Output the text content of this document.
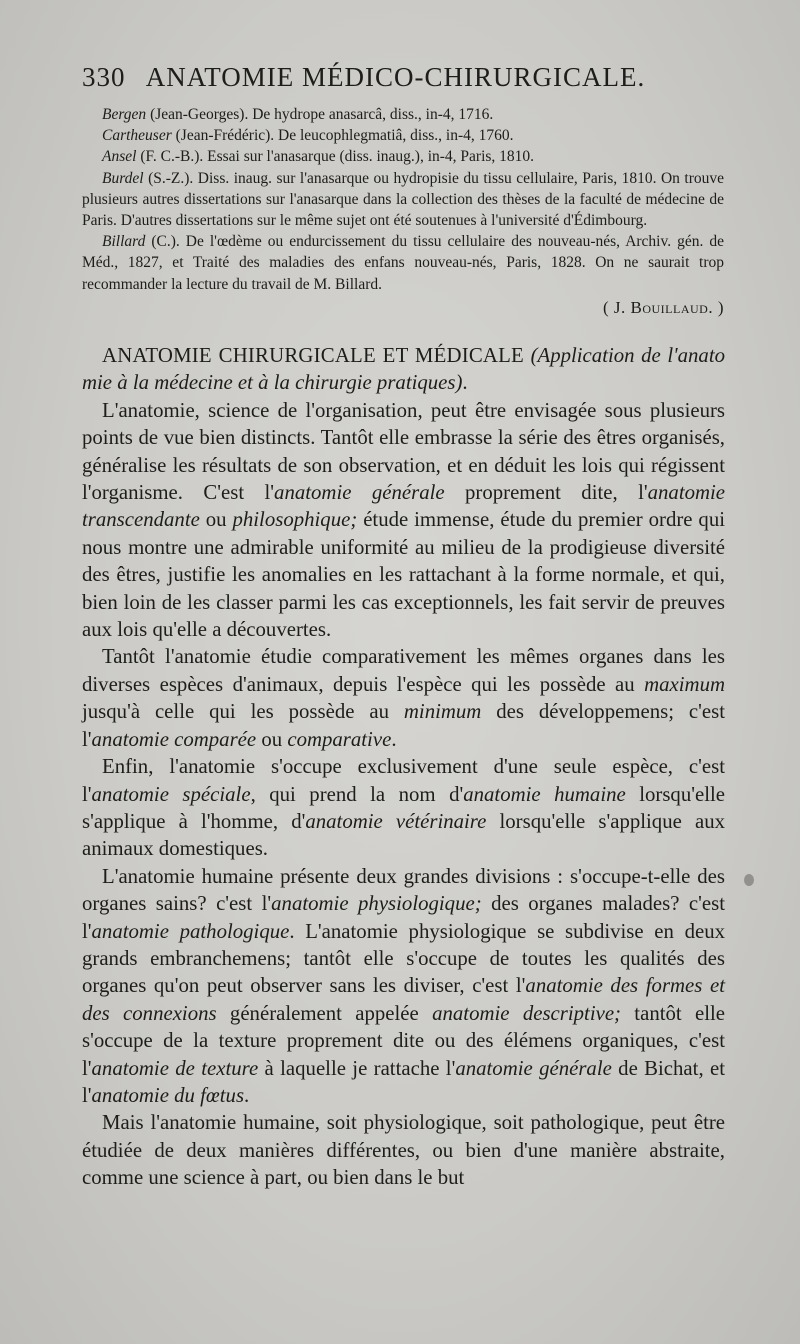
330 ANATOMIE MÉDICO-CHIRURGICALE.

Bergen (Jean-Georges). De hydrope anasarcâ, diss., in-4, 1716.

Cartheuser (Jean-Frédéric). De leucophlegmatiâ, diss., in-4, 1760.

Ansel (F. C.-B.). Essai sur l'anasarque (diss. inaug.), in-4, Paris, 1810.

Burdel (S.-Z.). Diss. inaug. sur l'anasarque ou hydropisie du tissu cellulaire, Paris, 1810. On trouve plusieurs autres dissertations sur l'anasarque dans la collection des thèses de la faculté de médecine de Paris. D'autres dissertations sur le même sujet ont été soutenues à l'université d'Édimbourg.

Billard (C.). De l'œdème ou endurcissement du tissu cellulaire des nouveau-nés, Archiv. gén. de Méd., 1827, et Traité des maladies des enfans nouveau-nés, Paris, 1828. On ne saurait trop recommander la lecture du travail de M. Billard.

( J. Bouillaud. )

ANATOMIE CHIRURGICALE ET MÉDICALE (Application de l'anato mie à la médecine et à la chirurgie pratiques).

L'anatomie, science de l'organisation, peut être envisagée sous plusieurs points de vue bien distincts. Tantôt elle embrasse la série des êtres organisés, généralise les résultats de son observation, et en déduit les lois qui régissent l'organisme. C'est l'anatomie générale proprement dite, l'anatomie transcendante ou philosophique; étude immense, étude du premier ordre qui nous montre une admirable uniformité au milieu de la prodigieuse diversité des êtres, justifie les anomalies en les rattachant à la forme normale, et qui, bien loin de les classer parmi les cas exceptionnels, les fait servir de preuves aux lois qu'elle a découvertes.

Tantôt l'anatomie étudie comparativement les mêmes organes dans les diverses espèces d'animaux, depuis l'espèce qui les possède au maximum jusqu'à celle qui les possède au minimum des développemens; c'est l'anatomie comparée ou comparative.

Enfin, l'anatomie s'occupe exclusivement d'une seule espèce, c'est l'anatomie spéciale, qui prend la nom d'anatomie humaine lorsqu'elle s'applique à l'homme, d'anatomie vétérinaire lorsqu'elle s'applique aux animaux domestiques.

L'anatomie humaine présente deux grandes divisions : s'occupe-t-elle des organes sains? c'est l'anatomie physiologique; des organes malades? c'est l'anatomie pathologique. L'anatomie physiologique se subdivise en deux grands embranchemens; tantôt elle s'occupe de toutes les qualités des organes qu'on peut observer sans les diviser, c'est l'anatomie des formes et des connexions généralement appelée anatomie descriptive; tantôt elle s'occupe de la texture proprement dite ou des élémens organiques, c'est l'anatomie de texture à laquelle je rattache l'anatomie générale de Bichat, et l'anatomie du fœtus.

Mais l'anatomie humaine, soit physiologique, soit pathologique, peut être étudiée de deux manières différentes, ou bien d'une manière abstraite, comme une science à part, ou bien dans le but
